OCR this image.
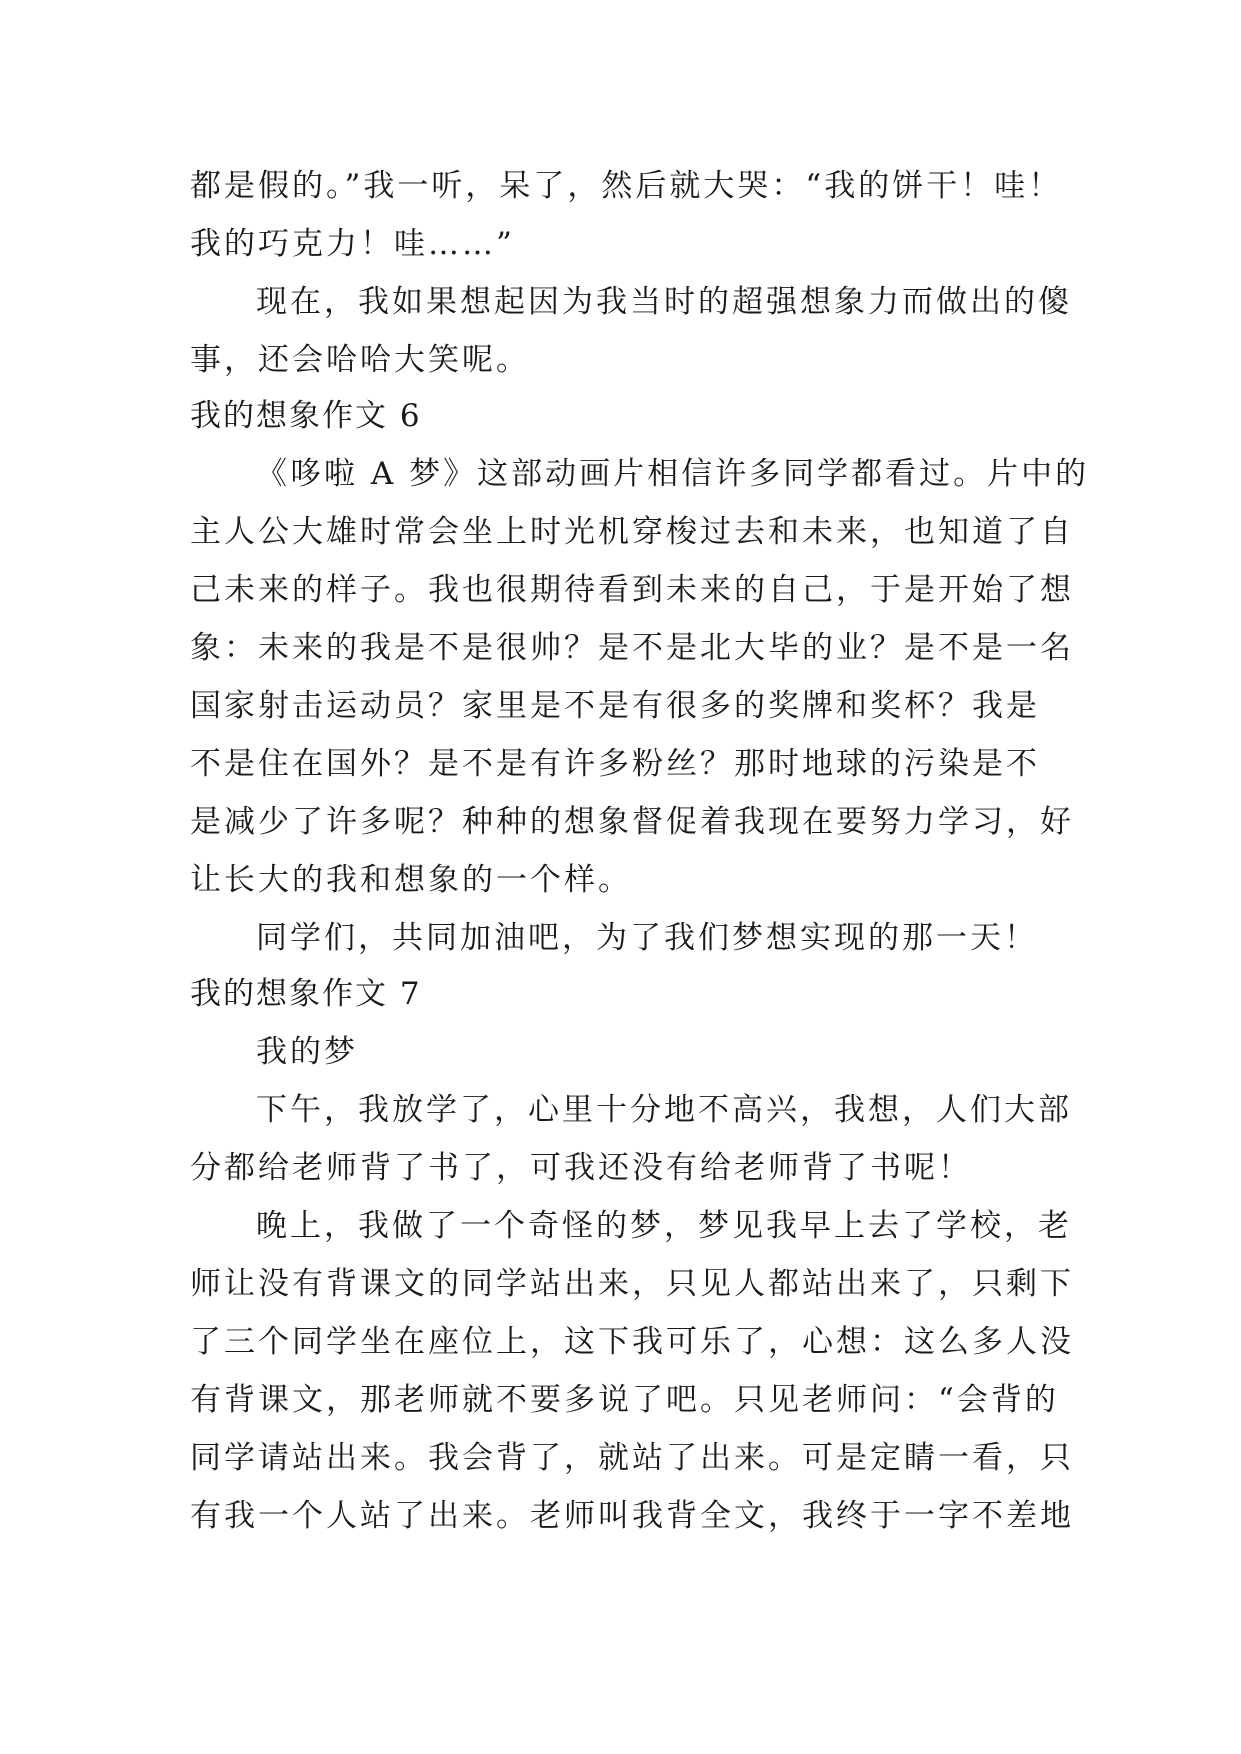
都是假的。”我一听，呆了，然后就大哭：“我的饼干！哇！
我的巧克力！哇……”
现在，我如果想起因为我当时的超强想象力而做出的傻
事，还会哈哈大笑呢。
我的想象作文 6
《哆啦 A 梦》这部动画片相信许多同学都看过。片中的
主人公大雄时常会坐上时光机穿梭过去和未来，也知道了自
己未来的样子。我也很期待看到未来的自己，于是开始了想
象：未来的我是不是很帅？是不是北大毕的业？是不是一名
国家射击运动员？家里是不是有很多的奖牌和奖杯？我是
不是住在国外？是不是有许多粉丝？那时地球的污染是不
是减少了许多呢？种种的想象督促着我现在要努力学习，好
让长大的我和想象的一个样。
同学们，共同加油吧，为了我们梦想实现的那一天！
我的想象作文 7
我的梦
下午，我放学了，心里十分地不高兴，我想，人们大部
分都给老师背了书了，可我还没有给老师背了书呢！
晚上，我做了一个奇怪的梦，梦见我早上去了学校，老
师让没有背课文的同学站出来，只见人都站出来了，只剩下
了三个同学坐在座位上，这下我可乐了，心想：这么多人没
有背课文，那老师就不要多说了吧。只见老师问：“会背的
同学请站出来。我会背了，就站了出来。可是定睛一看，只
有我一个人站了出来。老师叫我背全文，我终于一字不差地
